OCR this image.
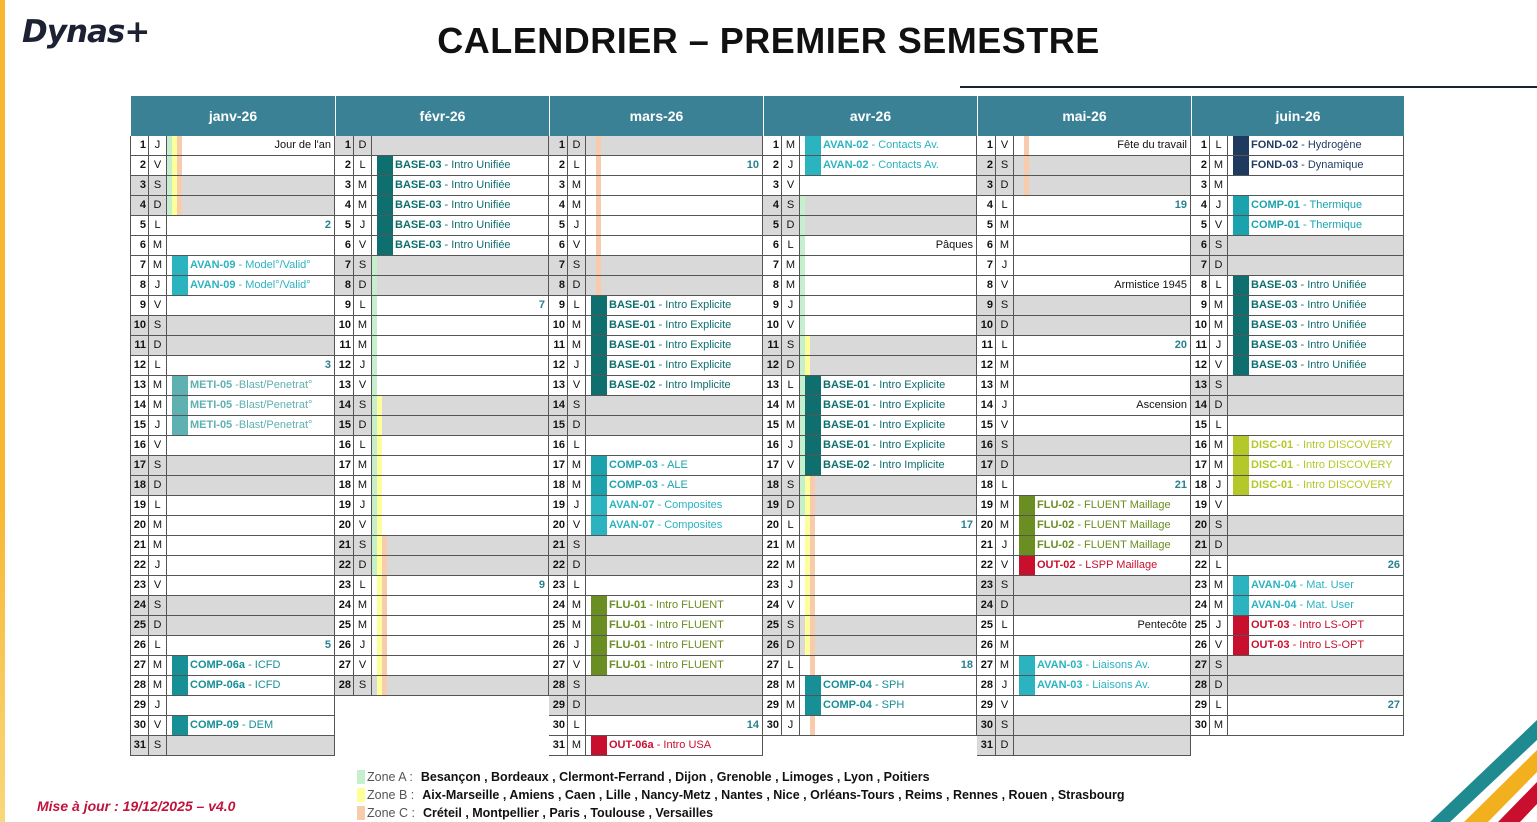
Dynas+	CALENDRIER – PREMIER SEMESTRE
janv-26
1 J	Jour de l'an
2 V
3 S
4 D
5 L	2
6 M
7 M	AVAN-09 - Model°/Valid°
8 J	AVAN-09 - Model°/Valid°
9 V
10 S
11 D
12 L	3
13 M	METI-05 -Blast/Penetrat°
14 M	METI-05 -Blast/Penetrat°
15 J	METI-05 -Blast/Penetrat°
16 V
17 S
18 D
19 L
20 M
21 M
22 J
23 V
24 S
25 D
26 L	5
27 M	COMP-06a - ICFD
28 M	COMP-06a - ICFD
29 J
30 V	COMP-09 - DEM
31 S
févr-26
1 D
2 L	BASE-03 - Intro Unifiée
3 M	BASE-03 - Intro Unifiée
4 M	BASE-03 - Intro Unifiée
5 J	BASE-03 - Intro Unifiée
6 V	BASE-03 - Intro Unifiée
7 S
8 D
9 L	7
10 M
11 M
12 J
13 V
14 S
15 D
16 L
17 M
18 M
19 J
20 V
21 S
22 D
23 L	9
24 M
25 M
26 J
27 V
28 S
mars-26
1 D
2 L	10
3 M
4 M
5 J
6 V
7 S
8 D
9 L	BASE-01 - Intro Explicite
10 M	BASE-01 - Intro Explicite
11 M	BASE-01 - Intro Explicite
12 J	BASE-01 - Intro Explicite
13 V	BASE-02 - Intro Implicite
14 S
15 D
16 L
17 M	COMP-03 - ALE
18 M	COMP-03 - ALE
19 J	AVAN-07 - Composites
20 V	AVAN-07 - Composites
21 S
22 D
23 L
24 M	FLU-01 - Intro FLUENT
25 M	FLU-01 - Intro FLUENT
26 J	FLU-01 - Intro FLUENT
27 V	FLU-01 - Intro FLUENT
28 S
29 D
30 L	14
31 M	OUT-06a - Intro USA
avr-26
1 M	AVAN-02 - Contacts Av.
2 J	AVAN-02 - Contacts Av.
3 V
4 S
5 D
6 L	Pâques
7 M
8 M
9 J
10 V
11 S
12 D
13 L	BASE-01 - Intro Explicite
14 M	BASE-01 - Intro Explicite
15 M	BASE-01 - Intro Explicite
16 J	BASE-01 - Intro Explicite
17 V	BASE-02 - Intro Implicite
18 S
19 D
20 L	17
21 M
22 M
23 J
24 V
25 S
26 D
27 L	18
28 M	COMP-04 - SPH
29 M	COMP-04 - SPH
30 J
mai-26
1 V	Fête du travail
2 S
3 D
4 L	19
5 M
6 M
7 J
8 V	Armistice 1945
9 S
10 D
11 L	20
12 M
13 M
14 J	Ascension
15 V
16 S
17 D
18 L	21
19 M	FLU-02 - FLUENT Maillage
20 M	FLU-02 - FLUENT Maillage
21 J	FLU-02 - FLUENT Maillage
22 V	OUT-02 - LSPP Maillage
23 S
24 D
25 L	Pentecôte
26 M
27 M	AVAN-03 - Liaisons Av.
28 J	AVAN-03 - Liaisons Av.
29 V
30 S
31 D
juin-26
1 L	FOND-02 - Hydrogène
2 M	FOND-03 - Dynamique
3 M
4 J	COMP-01 - Thermique
5 V	COMP-01 - Thermique
6 S
7 D
8 L	BASE-03 - Intro Unifiée
9 M	BASE-03 - Intro Unifiée
10 M	BASE-03 - Intro Unifiée
11 J	BASE-03 - Intro Unifiée
12 V	BASE-03 - Intro Unifiée
13 S
14 D
15 L
16 M	DISC-01 - Intro DISCOVERY
17 M	DISC-01 - Intro DISCOVERY
18 J	DISC-01 - Intro DISCOVERY
19 V
20 S
21 D
22 L	26
23 M	AVAN-04 - Mat. User
24 M	AVAN-04 - Mat. User
25 J	OUT-03 - Intro LS-OPT
26 V	OUT-03 - Intro LS-OPT
27 S
28 D
29 L	27
30 M
Zone A : Besançon , Bordeaux , Clermont-Ferrand , Dijon , Grenoble , Limoges , Lyon , Poitiers
Zone B : Aix-Marseille , Amiens , Caen , Lille , Nancy-Metz , Nantes , Nice , Orléans-Tours , Reims , Rennes , Rouen , Strasbourg
Zone C : Créteil , Montpellier , Paris , Toulouse , Versailles
Mise à jour : 19/12/2025 – v4.0
